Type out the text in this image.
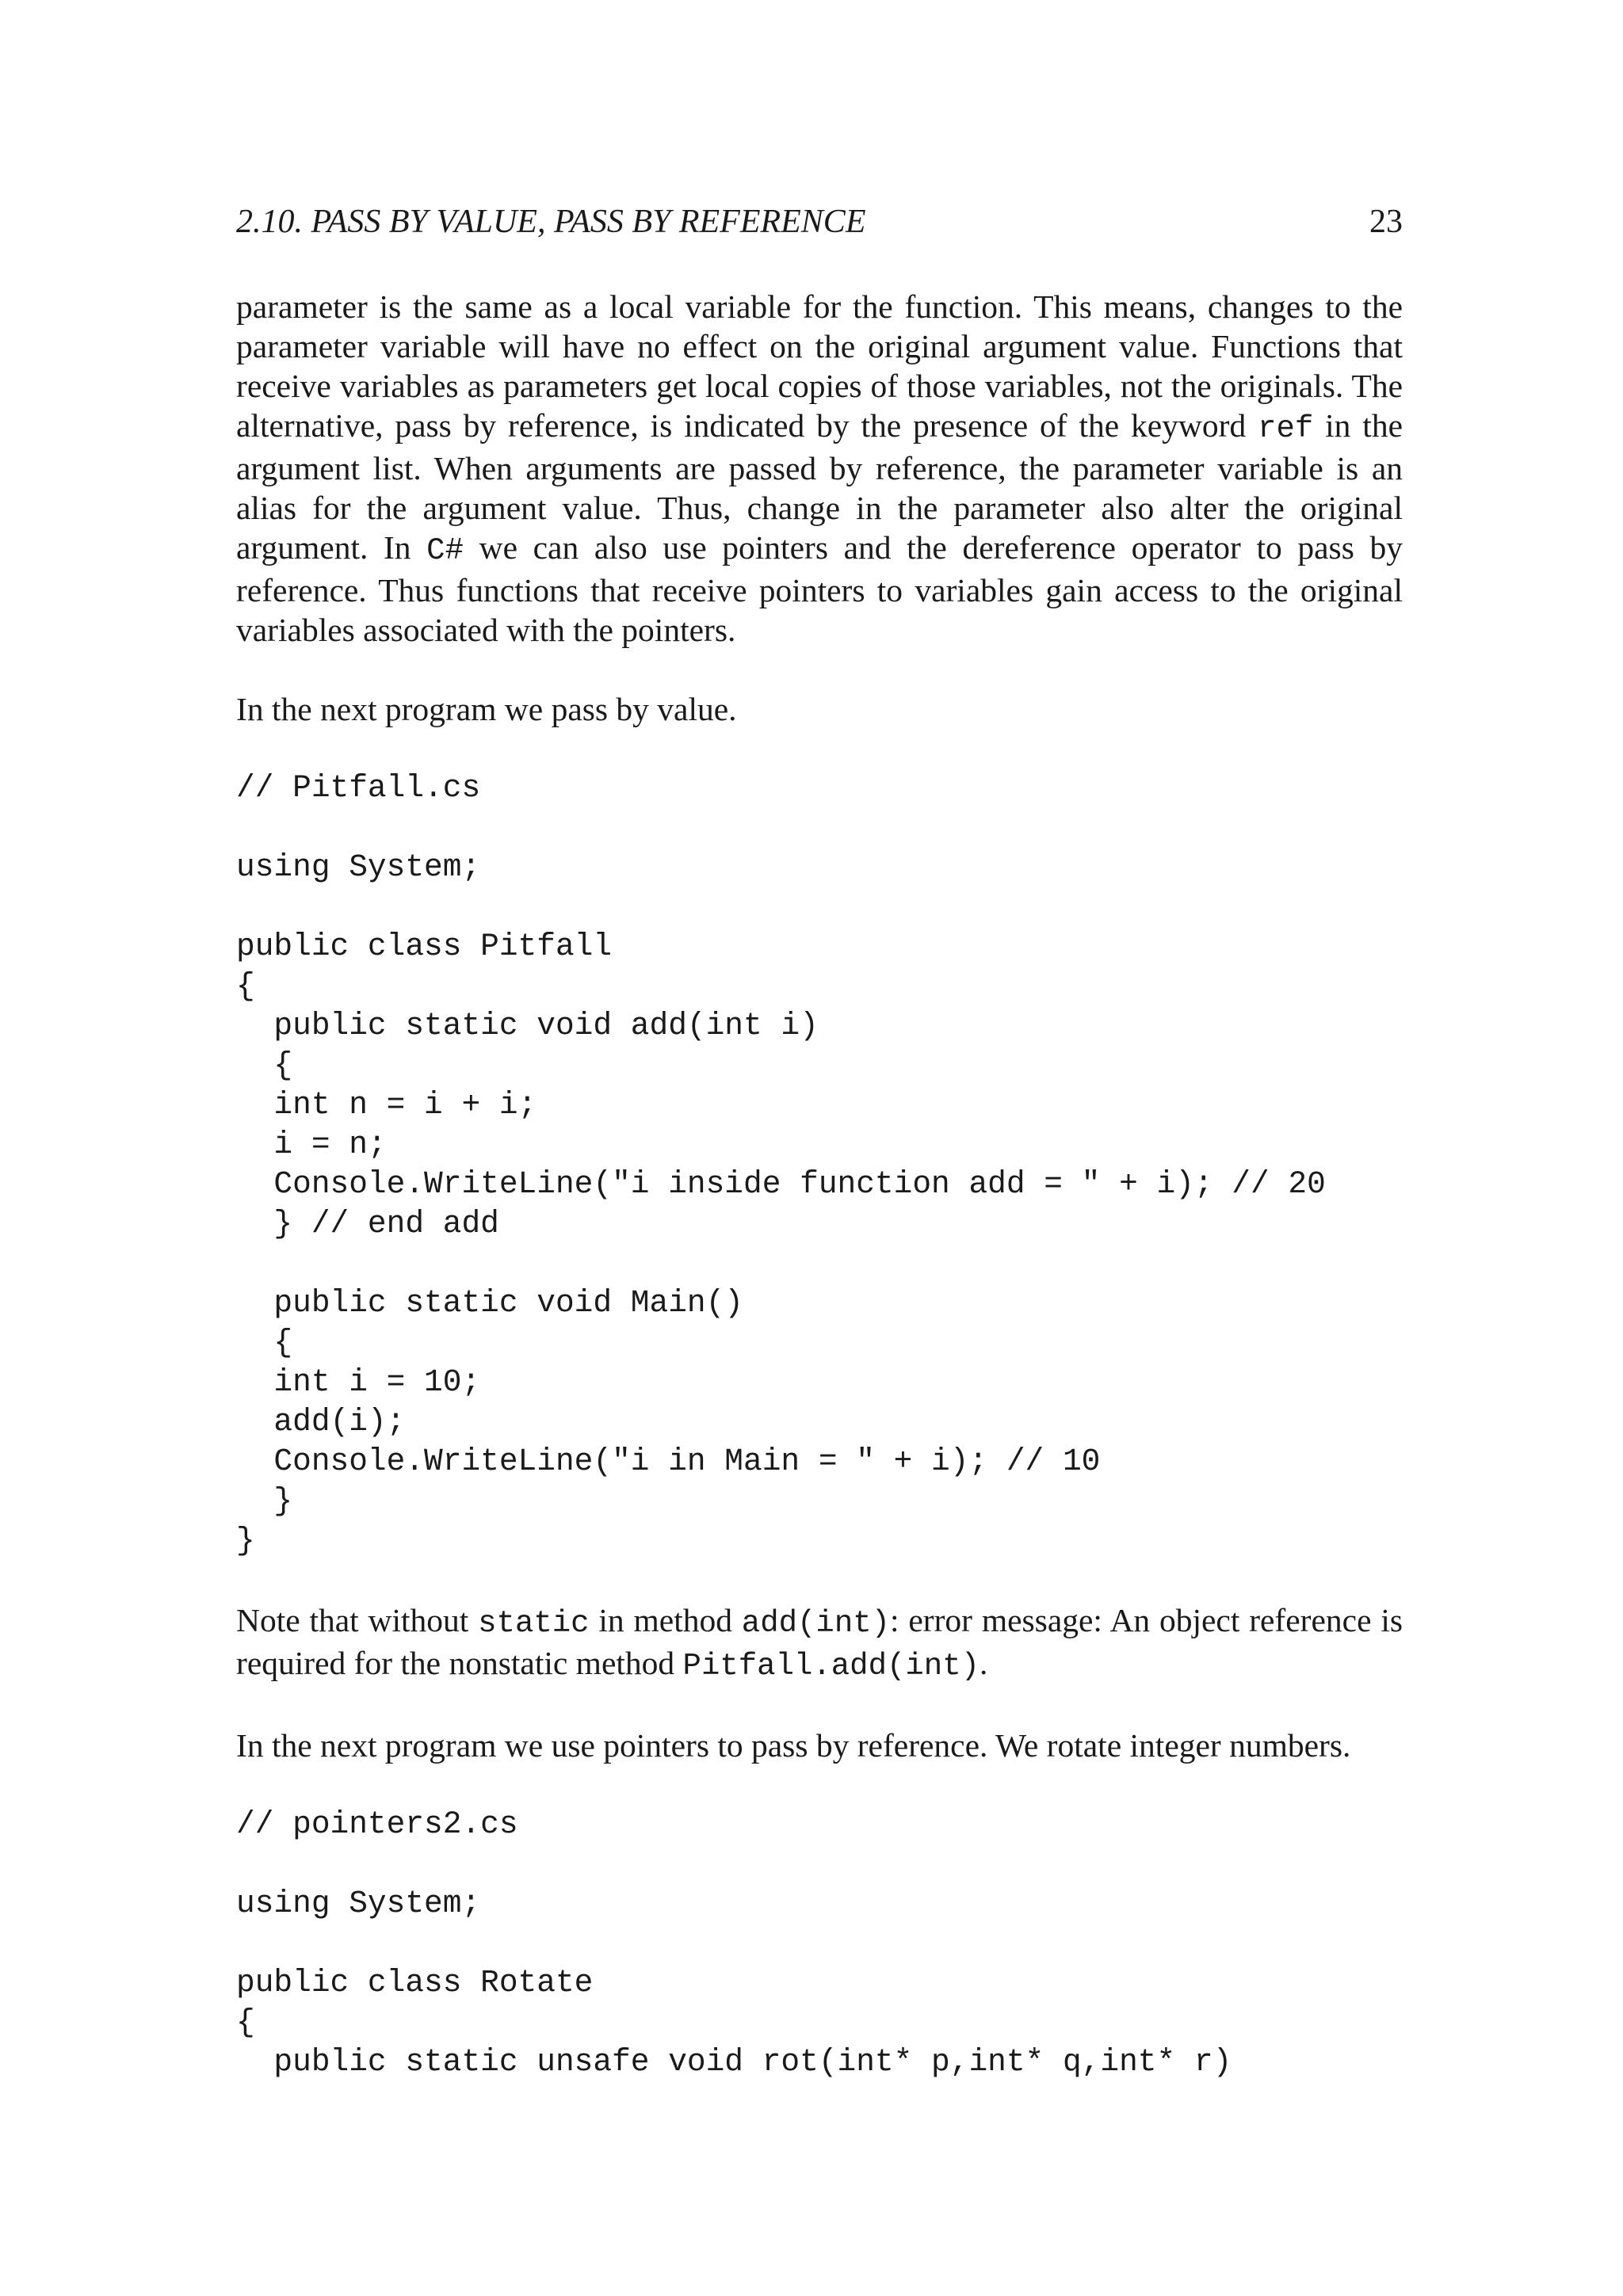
2.10. PASS BY VALUE, PASS BY REFERENCE	23

parameter is the same as a local variable for the function. This means, changes to the parameter variable will have no effect on the original argument value. Functions that receive variables as parameters get local copies of those variables, not the originals. The alternative, pass by reference, is indicated by the presence of the keyword ref in the argument list. When arguments are passed by reference, the parameter variable is an alias for the argument value. Thus, change in the parameter also alter the original argument. In C# we can also use pointers and the dereference operator to pass by reference. Thus functions that receive pointers to variables gain access to the original variables associated with the pointers.

In the next program we pass by value.

// Pitfall.cs
using System;
public class Pitfall
{
public static void add(int i)
{
int n = i + i;
i = n;
Console.WriteLine("i inside function add = " + i); // 20
} // end add
public static void Main()
{
int i = 10;
add(i);
Console.WriteLine("i in Main = " + i); // 10
}
}

Note that without static in method add(int): error message: An object reference is required for the nonstatic method Pitfall.add(int).

In the next program we use pointers to pass by reference. We rotate integer numbers.

// pointers2.cs
using System;
public class Rotate
{
public static unsafe void rot(int* p,int* q,int* r)
